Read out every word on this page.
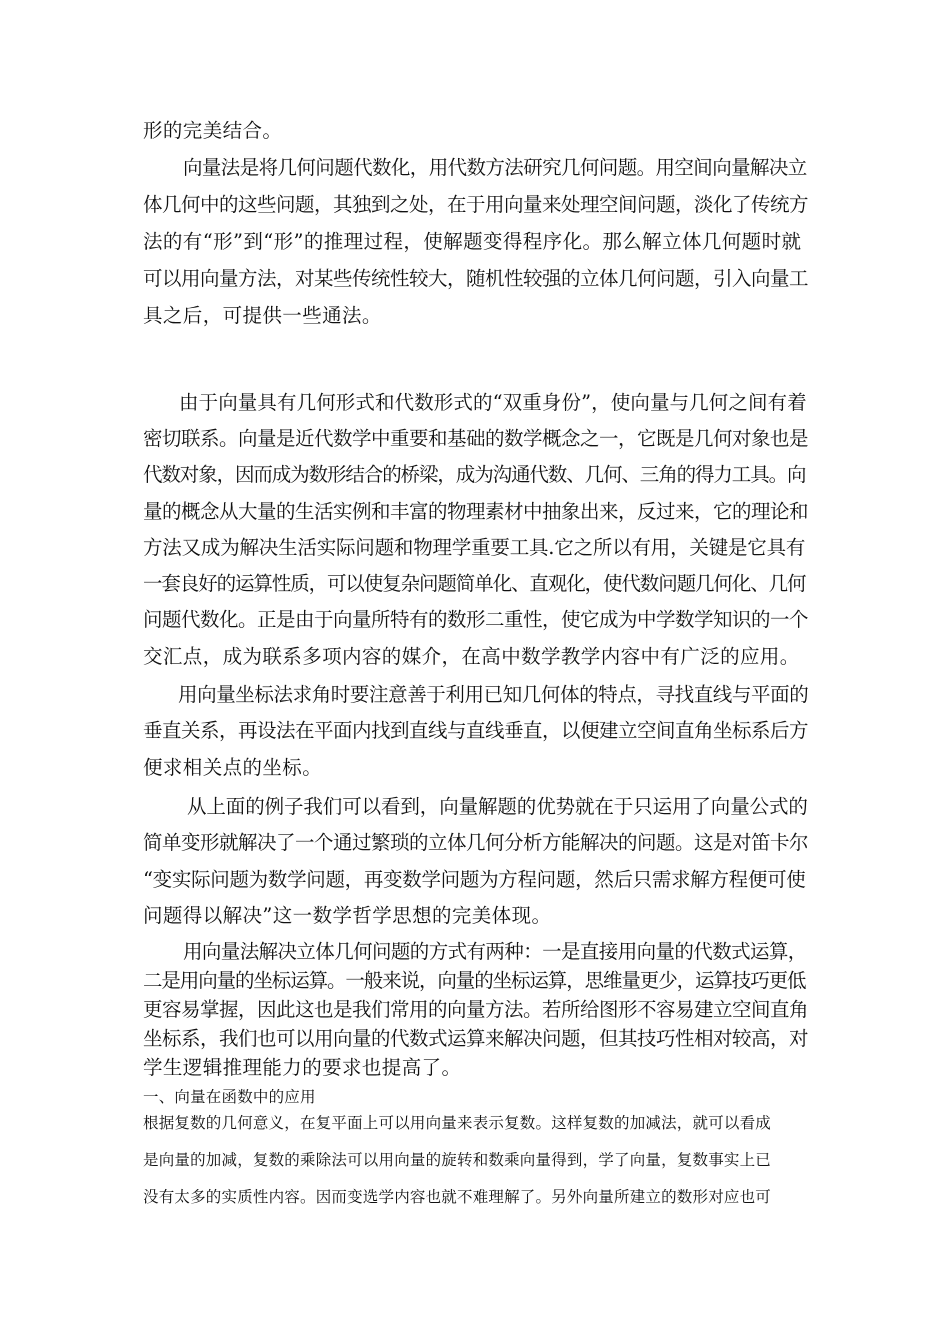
形的完美结合。
向量法是将几何问题代数化，用代数方法研究几何问题。用空间向量解决立
体几何中的这些问题，其独到之处，在于用向量来处理空间问题，淡化了传统方
法的有“形”到“形”的推理过程，使解题变得程序化。那么解立体几何题时就
可以用向量方法，对某些传统性较大，随机性较强的立体几何问题，引入向量工
具之后，可提供一些通法。
由于向量具有几何形式和代数形式的“双重身份”，使向量与几何之间有着
密切联系。向量是近代数学中重要和基础的数学概念之一，它既是几何对象也是
代数对象，因而成为数形结合的桥梁，成为沟通代数、几何、三角的得力工具。向
量的概念从大量的生活实例和丰富的物理素材中抽象出来，反过来，它的理论和
方法又成为解决生活实际问题和物理学重要工具.它之所以有用，关键是它具有
一套良好的运算性质，可以使复杂问题简单化、直观化，使代数问题几何化、几何
问题代数化。正是由于向量所特有的数形二重性，使它成为中学数学知识的一个
交汇点，成为联系多项内容的媒介，在高中数学教学内容中有广泛的应用。
用向量坐标法求角时要注意善于利用已知几何体的特点，寻找直线与平面的
垂直关系，再设法在平面内找到直线与直线垂直，以便建立空间直角坐标系后方
便求相关点的坐标。
从上面的例子我们可以看到，向量解题的优势就在于只运用了向量公式的
简单变形就解决了一个通过繁琐的立体几何分析方能解决的问题。这是对笛卡尔
“变实际问题为数学问题，再变数学问题为方程问题，然后只需求解方程便可使
问题得以解决”这一数学哲学思想的完美体现。
用向量法解决立体几何问题的方式有两种：一是直接用向量的代数式运算，
二是用向量的坐标运算。一般来说，向量的坐标运算，思维量更少，运算技巧更低
更容易掌握，因此这也是我们常用的向量方法。若所给图形不容易建立空间直角
坐标系，我们也可以用向量的代数式运算来解决问题，但其技巧性相对较高，对
学生逻辑推理能力的要求也提高了。
一、向量在函数中的应用
根据复数的几何意义，在复平面上可以用向量来表示复数。这样复数的加减法，就可以看成
是向量的加减，复数的乘除法可以用向量的旋转和数乘向量得到，学了向量，复数事实上已
没有太多的实质性内容。因而变选学内容也就不难理解了。另外向量所建立的数形对应也可
